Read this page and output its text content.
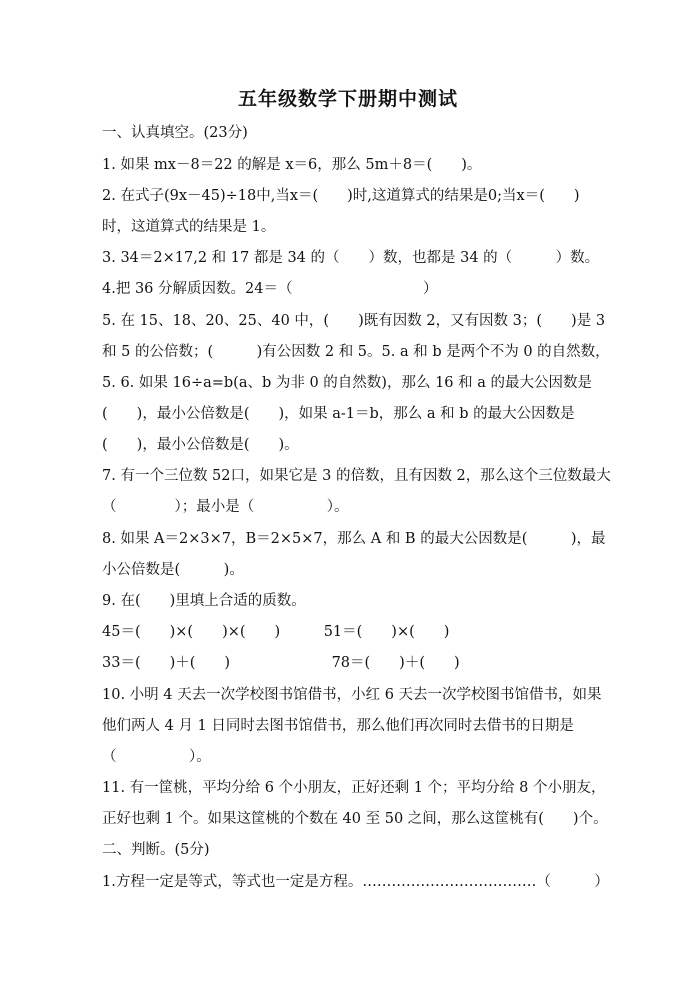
五年级数学下册期中测试
一、认真填空。(23分)
1. 如果 mx－8＝22 的解是 x＝6，那么 5m＋8＝(　　)。
2. 在式子(9x－45)÷18中,当x＝(　　)时,这道算式的结果是0;当x＝(　　)
时，这道算式的结果是 1。
3. 34＝2×17,2 和 17 都是 34 的（　　）数，也都是 34 的（　　　）数。
4.把 36 分解质因数。24＝（　　　　　　　　　）
5. 在 15、18、20、25、40 中，(　　)既有因数 2，又有因数 3；(　　)是 3
和 5 的公倍数；(　　　)有公因数 2 和 5。5. a 和 b 是两个不为 0 的自然数，
5. 6. 如果 16÷a=b(a、b 为非 0 的自然数)，那么 16 和 a 的最大公因数是
(　　)，最小公倍数是(　　)，如果 a-1＝b，那么 a 和 b 的最大公因数是
(　　)，最小公倍数是(　　)。
7. 有一个三位数 52口，如果它是 3 的倍数，且有因数 2，那么这个三位数最大
（　　　　）；最小是（　　　　　）。
8. 如果 A＝2×3×7，B＝2×5×7，那么 A 和 B 的最大公因数是(　　　)，最
小公倍数是(　　　)。
9. 在(　　)里填上合适的质数。
45＝(　　)×(　　)×(　　)　　　51＝(　　)×(　　)
33＝(　　)＋(　　)　　　　　　　78＝(　　)＋(　　)
10. 小明 4 天去一次学校图书馆借书，小红 6 天去一次学校图书馆借书，如果
他们两人 4 月 1 日同时去图书馆借书，那么他们再次同时去借书的日期是
（　　　　　）。
11. 有一筐桃，平均分给 6 个小朋友，正好还剩 1 个；平均分给 8 个小朋友，
正好也剩 1 个。如果这筐桃的个数在 40 至 50 之间，那么这筐桃有(　　)个。
二、判断。(5分)
1.方程一定是等式，等式也一定是方程。………………………………（　　　）
